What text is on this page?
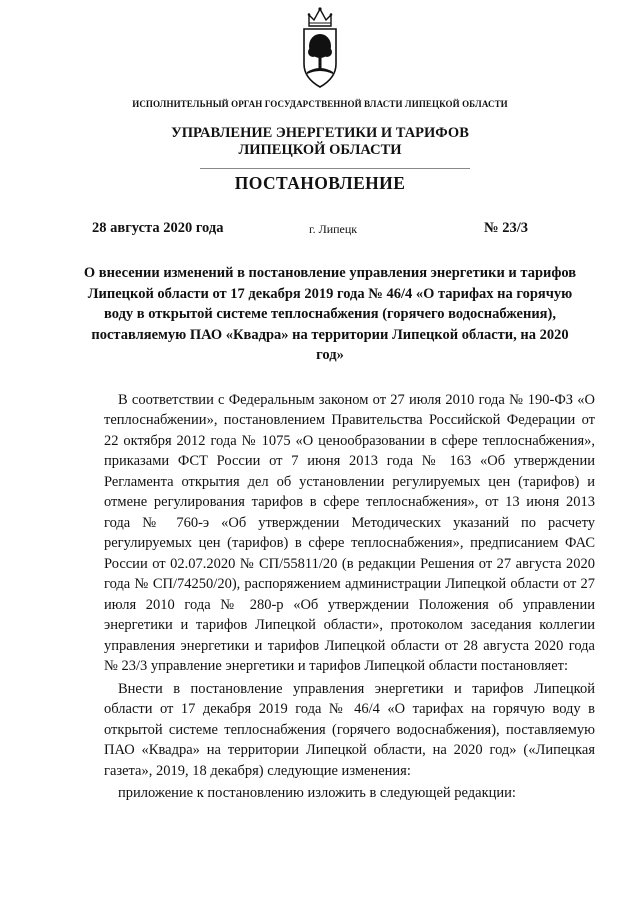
ИСПОЛНИТЕЛЬНЫЙ ОРГАН ГОСУДАРСТВЕННОЙ ВЛАСТИ ЛИПЕЦКОЙ ОБЛАСТИ
УПРАВЛЕНИЕ ЭНЕРГЕТИКИ И ТАРИФОВ
ЛИПЕЦКОЙ ОБЛАСТИ
ПОСТАНОВЛЕНИЕ
28 августа 2020 года	г. Липецк	№ 23/3
О внесении изменений в постановление управления энергетики и тарифов Липецкой области от 17 декабря 2019 года № 46/4 «О тарифах на горячую воду в открытой системе теплоснабжения (горячего водоснабжения), поставляемую ПАО «Квадра» на территории Липецкой области, на 2020 год»

В соответствии с Федеральным законом от 27 июля 2010 года № 190-ФЗ «О теплоснабжении», постановлением Правительства Российской Федерации от 22 октября 2012 года № 1075 «О ценообразовании в сфере теплоснабжения», приказами ФСТ России от 7 июня 2013 года № 163 «Об утверждении Регламента открытия дел об установлении регулируемых цен (тарифов) и отмене регулирования тарифов в сфере теплоснабжения», от 13 июня 2013 года № 760-э «Об утверждении Методических указаний по расчету регулируемых цен (тарифов) в сфере теплоснабжения», предписанием ФАС России от 02.07.2020 № СП/55811/20 (в редакции Решения от 27 августа 2020 года № СП/74250/20), распоряжением администрации Липецкой области от 27 июля 2010 года № 280-р «Об утверждении Положения об управлении энергетики и тарифов Липецкой области», протоколом заседания коллегии управления энергетики и тарифов Липецкой области от 28 августа 2020 года № 23/3 управление энергетики и тарифов Липецкой области постановляет:

Внести в постановление управления энергетики и тарифов Липецкой области от 17 декабря 2019 года № 46/4 «О тарифах на горячую воду в открытой системе теплоснабжения (горячего водоснабжения), поставляемую ПАО «Квадра» на территории Липецкой области, на 2020 год» («Липецкая газета», 2019, 18 декабря) следующие изменения:

приложение к постановлению изложить в следующей редакции:
